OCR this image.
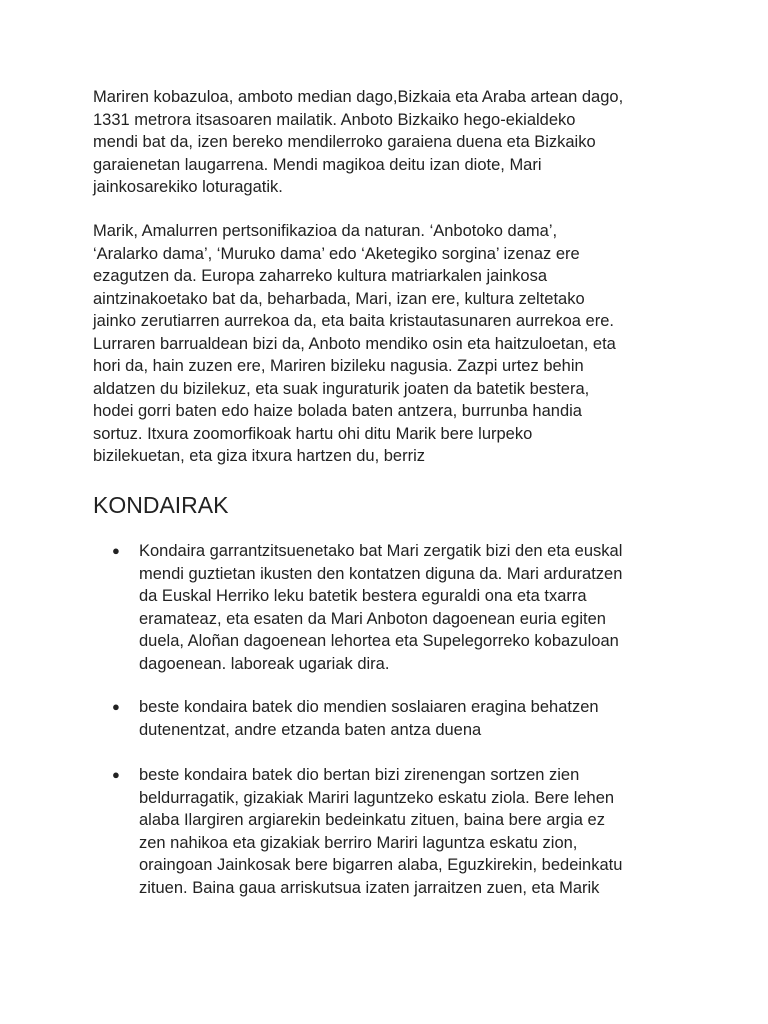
Mariren kobazuloa, amboto median dago,Bizkaia eta Araba artean dago,
1331 metrora itsasoaren mailatik. Anboto Bizkaiko hego-ekialdeko
mendi bat da, izen bereko mendilerroko garaiena duena eta Bizkaiko
garaienetan laugarrena. Mendi magikoa deitu izan diote, Mari
jainkosarekiko loturagatik.

Marik, Amalurren pertsonifikazioa da naturan. ‘Anbotoko dama’,
‘Aralarko dama’, ‘Muruko dama’ edo ‘Aketegiko sorgina’ izenaz ere
ezagutzen da. Europa zaharreko kultura matriarkalen jainkosa
aintzinakoetako bat da, beharbada, Mari, izan ere, kultura zeltetako
jainko zerutiarren aurrekoa da, eta baita kristautasunaren aurrekoa ere.
Lurraren barrualdean bizi da, Anboto mendiko osin eta haitzuloetan, eta
hori da, hain zuzen ere, Mariren bizileku nagusia. Zazpi urtez behin
aldatzen du bizilekuz, eta suak inguraturik joaten da batetik bestera,
hodei gorri baten edo haize bolada baten antzera, burrunba handia
sortuz. Itxura zoomorfikoak hartu ohi ditu Marik bere lurpeko
bizilekuetan, eta giza itxura hartzen du, berriz

KONDAIRAK
●	Kondaira garrantzitsuenetako bat Mari zergatik bizi den eta euskal
mendi guztietan ikusten den kontatzen diguna da. Mari arduratzen
da Euskal Herriko leku batetik bestera eguraldi ona eta txarra
eramateaz, eta esaten da Mari Anboton dagoenean euria egiten
duela, Aloñan dagoenean lehortea eta Supelegorreko kobazuloan
dagoenean. laboreak ugariak dira.
●	beste kondaira batek dio mendien soslaiaren eragina behatzen
dutenentzat, andre etzanda baten antza duena
●	beste kondaira batek dio bertan bizi zirenengan sortzen zien
beldurragatik, gizakiak Mariri laguntzeko eskatu ziola. Bere lehen
alaba Ilargiren argiarekin bedeinkatu zituen, baina bere argia ez
zen nahikoa eta gizakiak berriro Mariri laguntza eskatu zion,
oraingoan Jainkosak bere bigarren alaba, Eguzkirekin, bedeinkatu
zituen. Baina gaua arriskutsua izaten jarraitzen zuen, eta Marik
